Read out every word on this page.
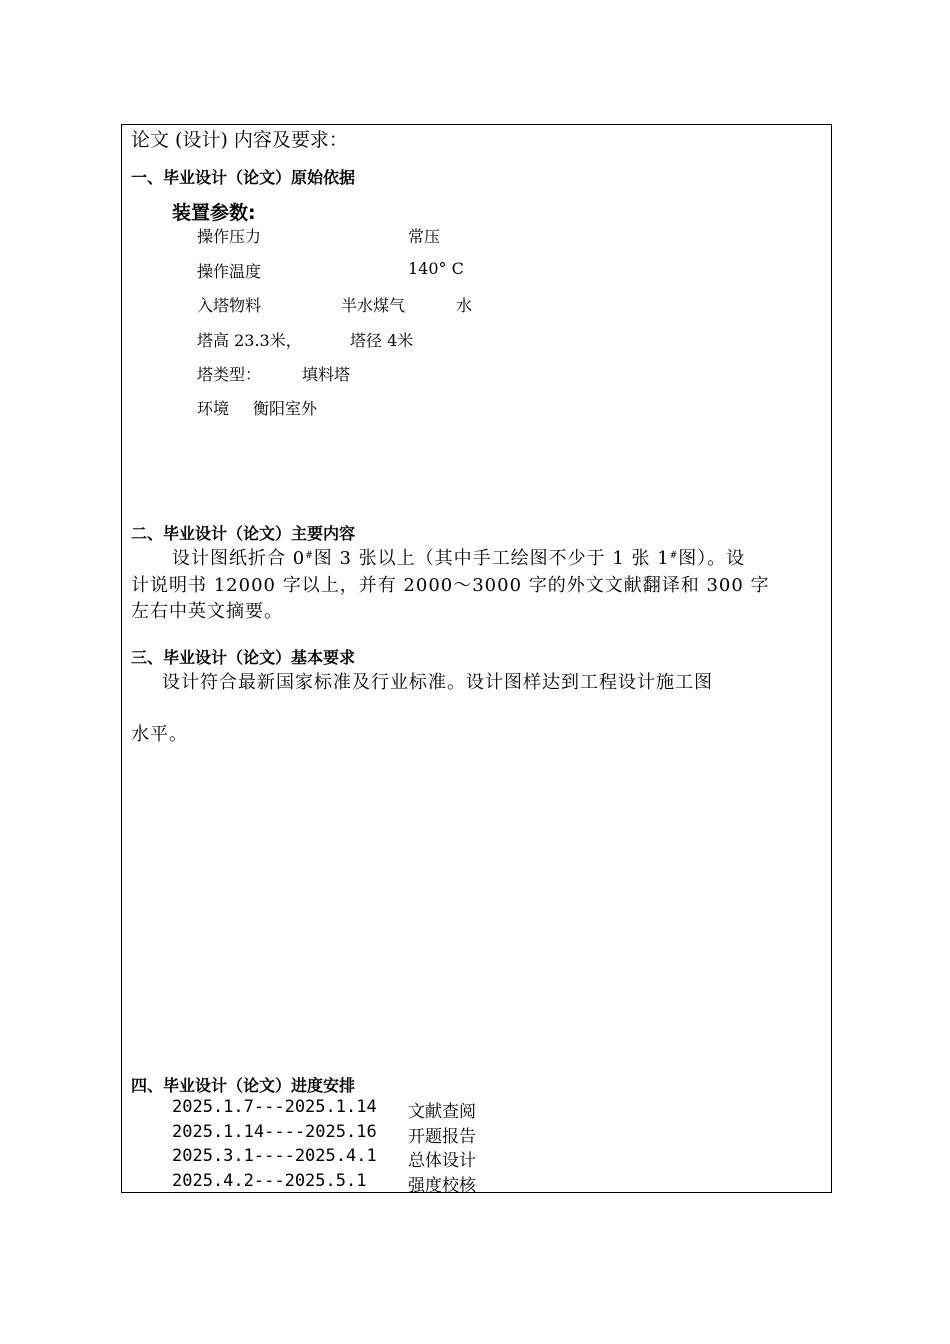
论文 (设计) 内容及要求：
一、毕业设计（论文）原始依据
装置参数:
操作压力	常压
操作温度	140° C
入塔物料	半水煤气	水
塔高 23.3米，	塔径 4米
塔类型：	填料塔
环境 衡阳室外
二、毕业设计（论文）主要内容
设计图纸折合 0#图 3 张以上（其中手工绘图不少于 1 张 1#图）。设
计说明书 12000 字以上，并有 2000～3000 字的外文文献翻译和 300 字
左右中英文摘要。
三、毕业设计（论文）基本要求
设计符合最新国家标准及行业标准。设计图样达到工程设计施工图
水平。
四、毕业设计（论文）进度安排
2025.1.7---2025.1.14 文献查阅
2025.1.14----2025.16 开题报告
2025.3.1----2025.4.1 总体设计
2025.4.2---2025.5.1 强度校核
